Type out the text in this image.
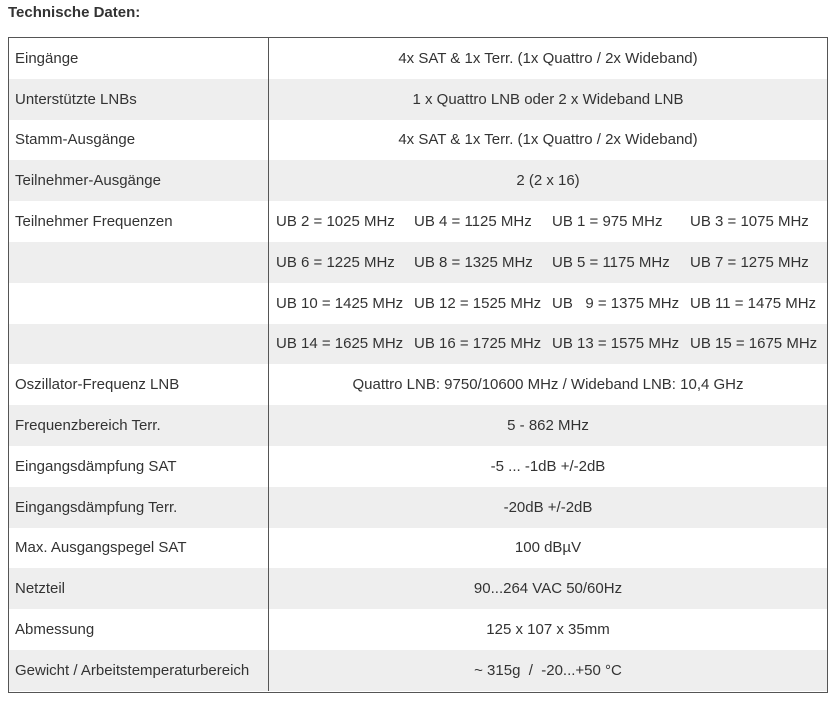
Technische Daten:
Eingänge	4x SAT & 1x Terr. (1x Quattro / 2x Wideband)
Unterstützte LNBs	1 x Quattro LNB oder 2 x Wideband LNB
Stamm-Ausgänge	4x SAT & 1x Terr. (1x Quattro / 2x Wideband)
Teilnehmer-Ausgänge	2 (2 x 16)
Teilnehmer Frequenzen	UB 2 = 1025 MHz	UB 4 = 1125 MHz	UB 1 = 975 MHz	UB 3 = 1075 MHz
UB 6 = 1225 MHz	UB 8 = 1325 MHz	UB 5 = 1175 MHz	UB 7 = 1275 MHz
UB 10 = 1425 MHz UB 12 = 1525 MHz UB   9 = 1375 MHz UB 11 = 1475 MHz
UB 14 = 1625 MHz UB 16 = 1725 MHz UB 13 = 1575 MHz UB 15 = 1675 MHz
Oszillator-Frequenz LNB	Quattro LNB: 9750/10600 MHz / Wideband LNB: 10,4 GHz
Frequenzbereich Terr.	5 - 862 MHz
Eingangsdämpfung SAT	-5 ... -1dB +/-2dB
Eingangsdämpfung Terr.	-20dB +/-2dB
Max. Ausgangspegel SAT	100 dBµV
Netzteil	90...264 VAC 50/60Hz
Abmessung	125 x 107 x 35mm
Gewicht / Arbeitstemperaturbereich	~ 315g  /  -20...+50 °C
